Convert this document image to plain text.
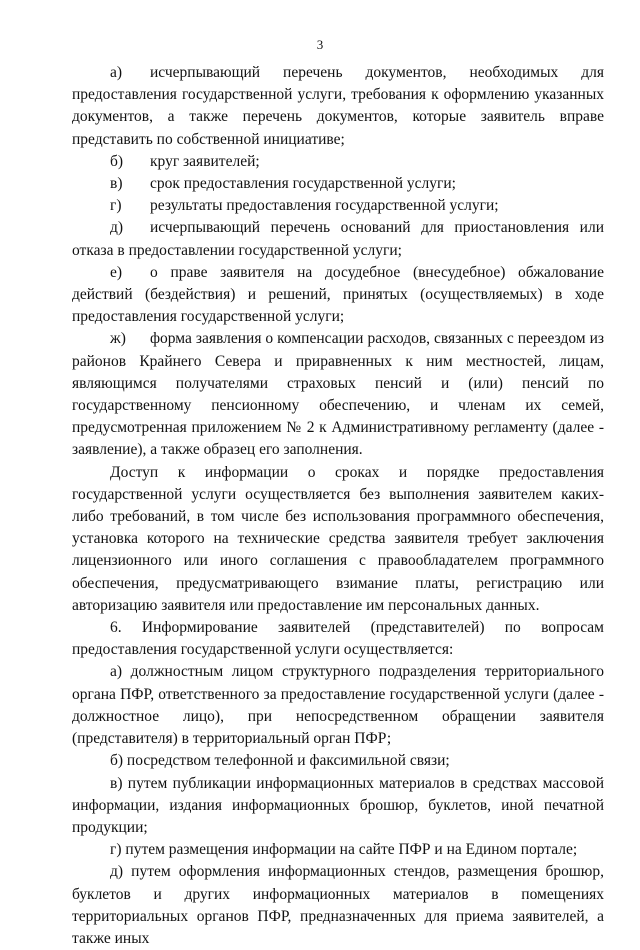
3

а) исчерпывающий перечень документов, необходимых для предоставления государственной услуги, требования к оформлению указанных документов, а также перечень документов, которые заявитель вправе представить по собственной инициативе;

б) круг заявителей;

в) срок предоставления государственной услуги;

г) результаты предоставления государственной услуги;

д) исчерпывающий перечень оснований для приостановления или отказа в предоставлении государственной услуги;

е) о праве заявителя на досудебное (внесудебное) обжалование действий (бездействия) и решений, принятых (осуществляемых) в ходе предоставления государственной услуги;

ж) форма заявления о компенсации расходов, связанных с переездом из районов Крайнего Севера и приравненных к ним местностей, лицам, являющимся получателями страховых пенсий и (или) пенсий по государственному пенсионному обеспечению, и членам их семей, предусмотренная приложением № 2 к Административному регламенту (далее - заявление), а также образец его заполнения.

Доступ к информации о сроках и порядке предоставления государственной услуги осуществляется без выполнения заявителем каких-либо требований, в том числе без использования программного обеспечения, установка которого на технические средства заявителя требует заключения лицензионного или иного соглашения с правообладателем программного обеспечения, предусматривающего взимание платы, регистрацию или авторизацию заявителя или предоставление им персональных данных.

6. Информирование заявителей (представителей) по вопросам предоставления государственной услуги осуществляется:

а) должностным лицом структурного подразделения территориального органа ПФР, ответственного за предоставление государственной услуги (далее - должностное лицо), при непосредственном обращении заявителя (представителя) в территориальный орган ПФР;

б) посредством телефонной и факсимильной связи;

в) путем публикации информационных материалов в средствах массовой информации, издания информационных брошюр, буклетов, иной печатной продукции;

г) путем размещения информации на сайте ПФР и на Едином портале;

д) путем оформления информационных стендов, размещения брошюр, буклетов и других информационных материалов в помещениях территориальных органов ПФР, предназначенных для приема заявителей, а также иных
